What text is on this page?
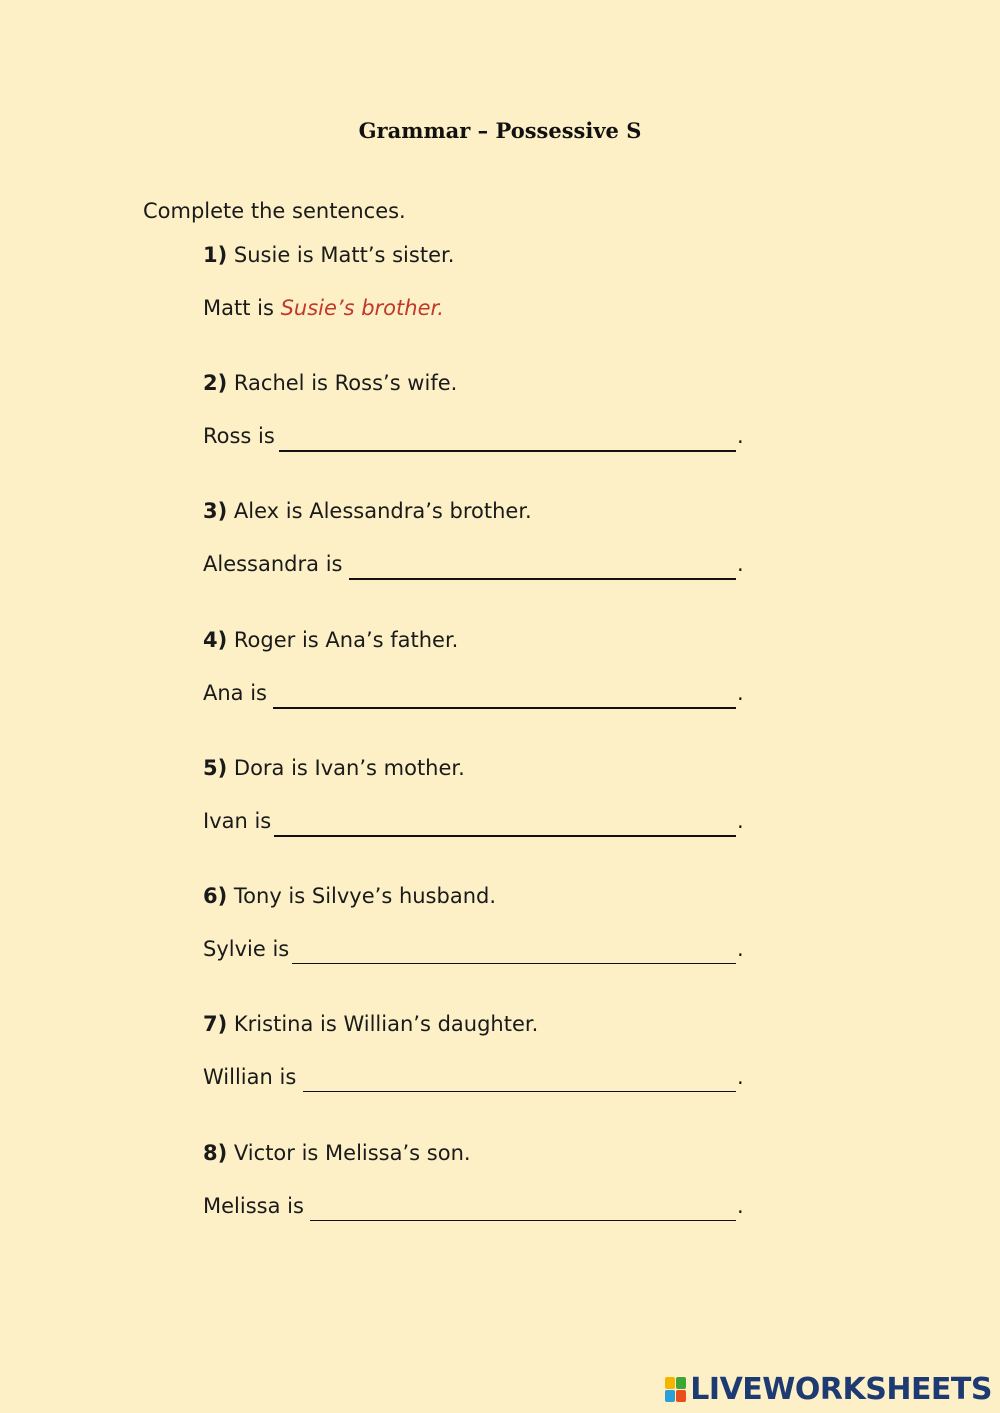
Grammar – Possessive S
Complete the sentences.
1) Susie is Matt’s sister.
Matt is Susie’s brother.
2) Rachel is Ross’s wife.
Ross is	.
3) Alex is Alessandra’s brother.
Alessandra is	.
4) Roger is Ana’s father.
Ana is	.
5) Dora is Ivan’s mother.
Ivan is	.
6) Tony is Silvye’s husband.
Sylvie is	.
7) Kristina is Willian’s daughter.
Willian is	.
8) Victor is Melissa’s son.
Melissa is	.
LIVEWORKSHEETS
